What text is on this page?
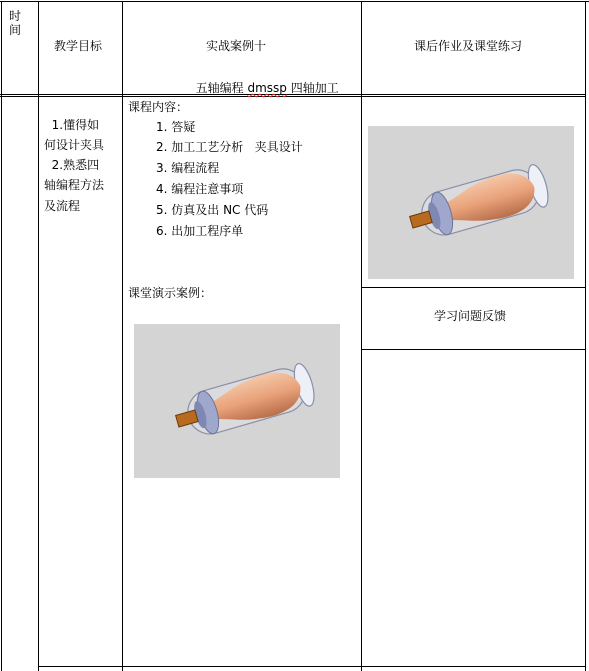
时
间
教学目标	实战案例十

五轴编程 dmssp 四轴加工

课后作业及课堂练习
1.懂得如
何设计夹具
2.熟悉四
轴编程方法
及流程
课程内容：
1. 答疑
2. 加工工艺分析   夹具设计
3. 编程流程
4. 编程注意事项
5. 仿真及出 NC 代码
6. 出加工程序单
课堂演示案例：
学习问题反馈
